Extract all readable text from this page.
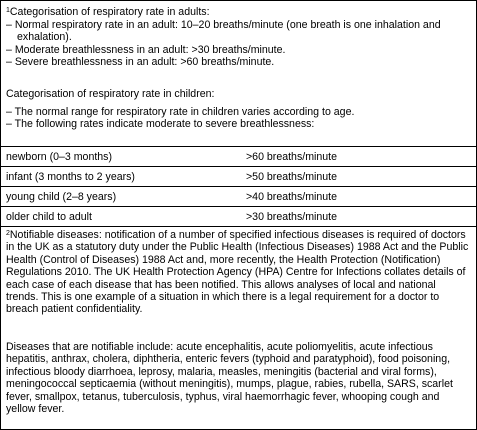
$^1$Categorisation of respiratory rate in adults:
– Normal respiratory rate in an adult: 10–20 breaths/minute (one breath is one inhalation and exhalation).
– Moderate breathlessness in an adult: >30 breaths/minute.
– Severe breathlessness in an adult: >60 breaths/minute.
Categorisation of respiratory rate in children:
– The normal range for respiratory rate in children varies according to age.
– The following rates indicate moderate to severe breathlessness:
newborn (0–3 months)	>60 breaths/minute
infant (3 months to 2 years)	>50 breaths/minute
young child (2–8 years)	>40 breaths/minute
older child to adult	>30 breaths/minute
$^2$Notifiable diseases: notification of a number of specified infectious diseases is required of doctors in the UK as a statutory duty under the Public Health (Infectious Diseases) 1988 Act and the Public Health (Control of Diseases) 1988 Act and, more recently, the Health Protection (Notification) Regulations 2010. The UK Health Protection Agency (HPA) Centre for Infections collates details of each case of each disease that has been notified. This allows analyses of local and national trends. This is one example of a situation in which there is a legal requirement for a doctor to breach patient confidentiality.
Diseases that are notifiable include: acute encephalitis, acute poliomyelitis, acute infectious hepatitis, anthrax, cholera, diphtheria, enteric fevers (typhoid and paratyphoid), food poisoning, infectious bloody diarrhoea, leprosy, malaria, measles, meningitis (bacterial and viral forms), meningococcal septicaemia (without meningitis), mumps, plague, rabies, rubella, SARS, scarlet fever, smallpox, tetanus, tuberculosis, typhus, viral haemorrhagic fever, whooping cough and yellow fever.
